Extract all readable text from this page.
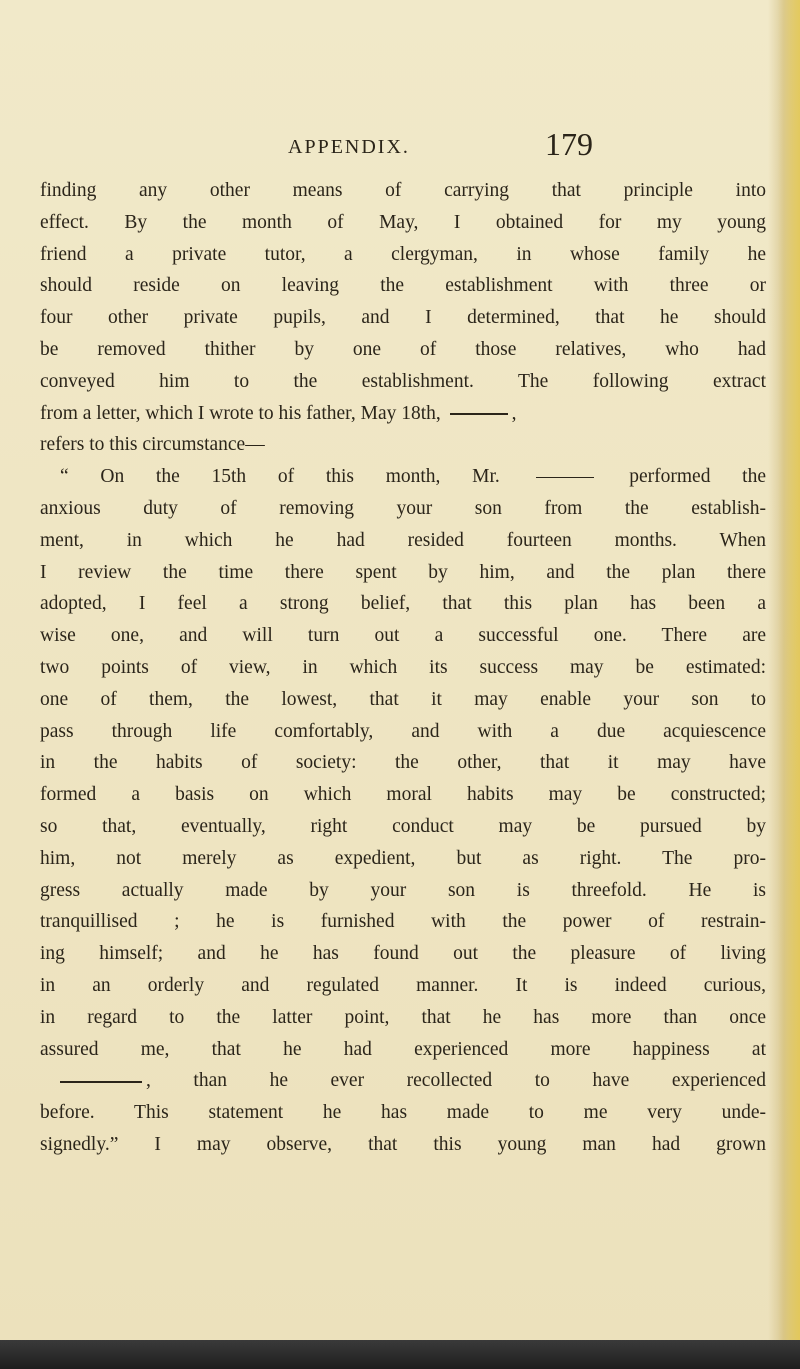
APPENDIX.	179
finding any other means of carrying that principle into
effect. By the month of May, I obtained for my young
friend a private tutor, a clergyman, in whose family he
should reside on leaving the establishment with three or
four other private pupils, and I determined, that he should
be removed thither by one of those relatives, who had
conveyed him to the establishment. The following extract
from a letter, which I wrote to his father, May 18th,	,
refers to this circumstance—
“ On the 15th of this month, Mr.	performed the
anxious duty of removing your son from the establish-
ment, in which he had resided fourteen months. When
I review the time there spent by him, and the plan there
adopted, I feel a strong belief, that this plan has been a
wise one, and will turn out a successful one. There are
two points of view, in which its success may be estimated:
one of them, the lowest, that it may enable your son to
pass through life comfortably, and with a due acquiescence
in the habits of society: the other, that it may have
formed a basis on which moral habits may be constructed;
so that, eventually, right conduct may be pursued by
him, not merely as expedient, but as right. The pro-
gress actually made by your son is threefold. He is
tranquillised ; he is furnished with the power of restrain-
ing himself; and he has found out the pleasure of living
in an orderly and regulated manner. It is indeed curious,
in regard to the latter point, that he has more than once
assured me, that he had experienced more happiness at
, than he ever recollected to have experienced
before. This statement he has made to me very unde-
signedly.” I may observe, that this young man had grown
